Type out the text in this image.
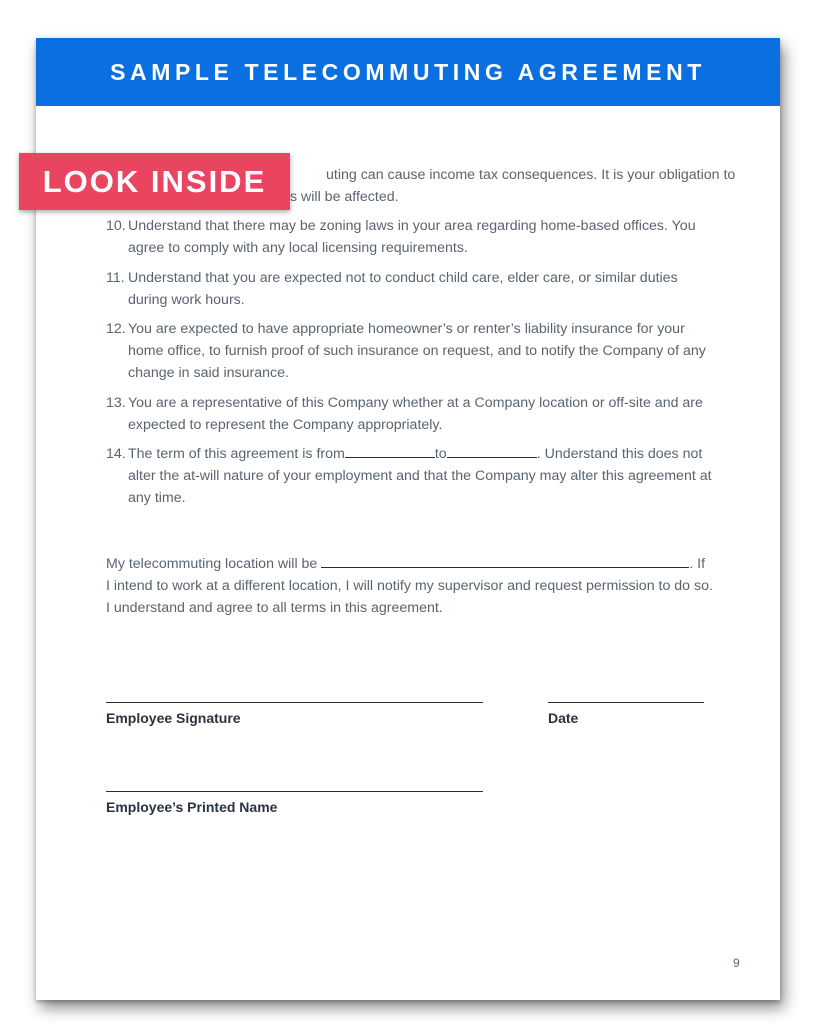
SAMPLE TELECOMMUTING AGREEMENT
uting can cause income tax consequences. It is your obligation to
s will be affected.
10. Understand that there may be zoning laws in your area regarding home-based offices. You
agree to comply with any local licensing requirements.
11. Understand that you are expected not to conduct child care, elder care, or similar duties
during work hours.
12. You are expected to have appropriate homeowner’s or renter’s liability insurance for your
home office, to furnish proof of such insurance on request, and to notify the Company of any
change in said insurance.
13. You are a representative of this Company whether at a Company location or off-site and are
expected to represent the Company appropriately.
14. The term of this agreement is from	to	. Understand this does not
alter the at-will nature of your employment and that the Company may alter this agreement at
any time.
My telecommuting location will be	. If
I intend to work at a different location, I will notify my supervisor and request permission to do so.
I understand and agree to all terms in this agreement.
Employee Signature	Date
Employee’s Printed Name
9
LOOK INSIDE
